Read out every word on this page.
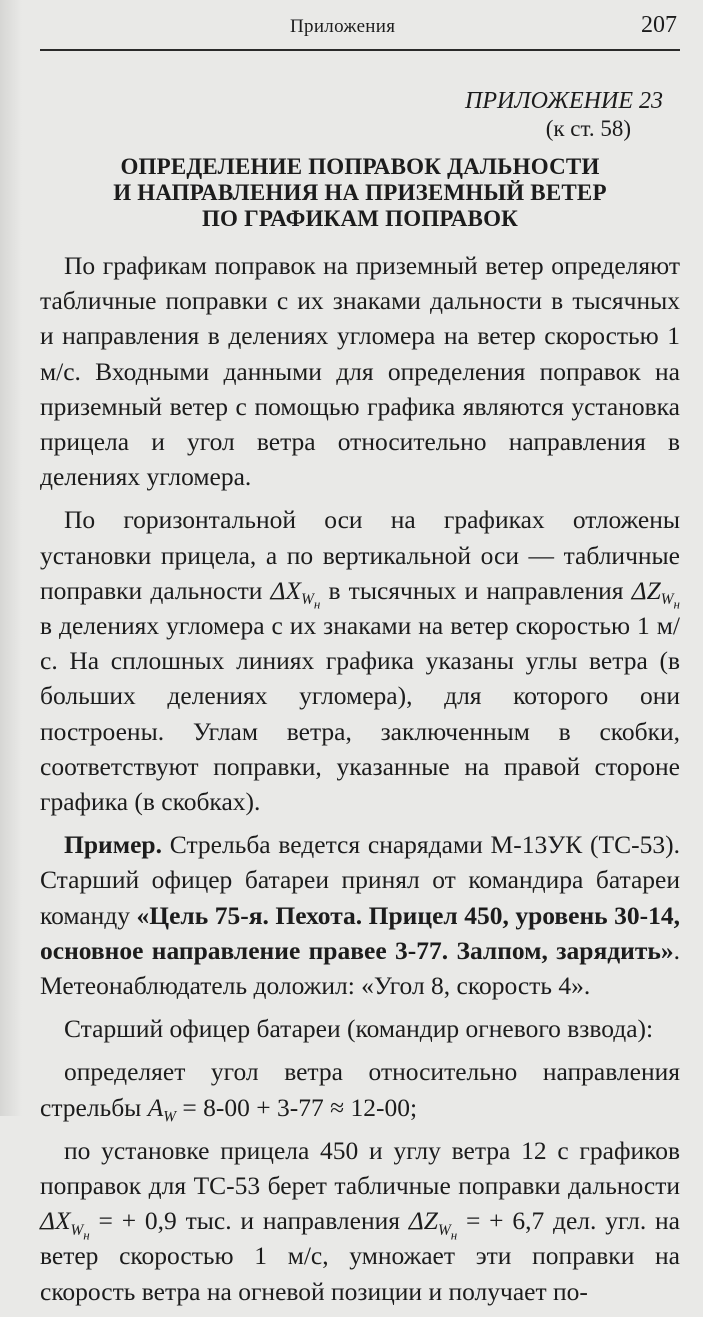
Приложения	207
ПРИЛОЖЕНИЕ 23
(к ст. 58)
ОПРЕДЕЛЕНИЕ ПОПРАВОК ДАЛЬНОСТИ
И НАПРАВЛЕНИЯ НА ПРИЗЕМНЫЙ ВЕТЕР
ПО ГРАФИКАМ ПОПРАВОК

По графикам поправок на приземный ветер определяют табличные поправки с их знаками дальности в тысячных и направления в делениях угломера на ветер скоростью 1 м/с. Входными данными для определения поправок на приземный ветер с помощью графика являются установка прицела и угол ветра относительно направления в делениях угломера.

По горизонтальной оси на графиках отложены установки прицела, а по вертикальной оси — табличные поправки дальности $\Delta X_{W_н}$ в тысячных и направления $\Delta Z_{W_н}$ в делениях угломера с их знаками на ветер скоростью 1 м/с. На сплошных линиях графика указаны углы ветра (в больших делениях угломера), для которого они построены. Углам ветра, заключенным в скобки, соответствуют поправки, указанные на правой стороне графика (в скобках).

Пример. Стрельба ведется снарядами М-13УК (ТС-53). Старший офицер батареи принял от командира батареи команду «Цель 75-я. Пехота. Прицел 450, уровень 30-14, основное направление правее 3-77. Залпом, зарядить». Метеонаблюдатель доложил: «Угол 8, скорость 4».

Старший офицер батареи (командир огневого взвода):

определяет угол ветра относительно направления стрельбы $A_W = 8-00 + 3-77 \approx 12-00$;

по установке прицела 450 и углу ветра 12 с графиков поправок для ТС-53 берет табличные поправки дальности $\Delta X_{W_н}$ = + 0,9 тыс. и направления $\Delta Z_{W_н}$ = + 6,7 дел. угл. на ветер скоростью 1 м/с, умножает эти поправки на скорость ветра на огневой позиции и получает по-
